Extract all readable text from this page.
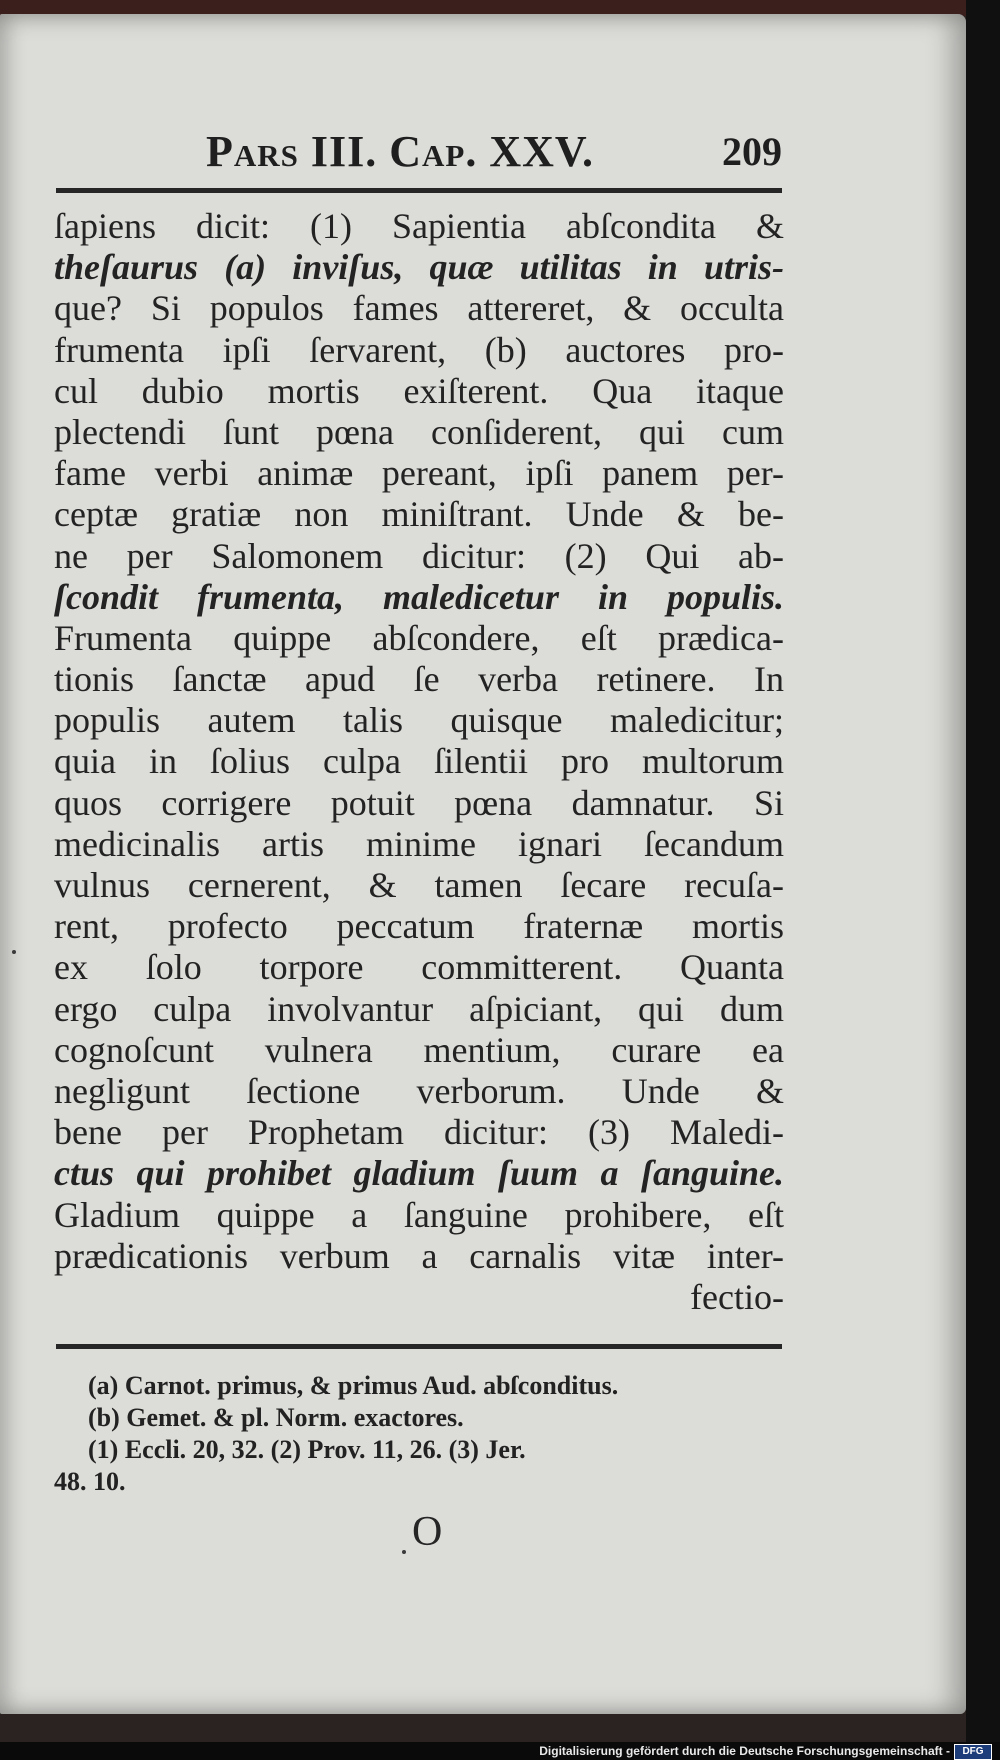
Pars III. Cap. XXV.	209
ſapiens dicit: (1) Sapientia abſcondita &
theſaurus (a) inviſus, quæ utilitas in utris-
que? Si populos fames attereret, & occulta
frumenta ipſi ſervarent, (b) auctores pro-
cul dubio mortis exiſterent. Qua itaque
plectendi ſunt pœna conſiderent, qui cum
fame verbi animæ pereant, ipſi panem per-
ceptæ gratiæ non miniſtrant. Unde & be-
ne per Salomonem dicitur: (2) Qui ab-
ſcondit frumenta, maledicetur in populis.
Frumenta quippe abſcondere, eſt prædica-
tionis ſanctæ apud ſe verba retinere. In
populis autem talis quisque maledicitur;
quia in ſolius culpa ſilentii pro multorum
quos corrigere potuit pœna damnatur. Si
medicinalis artis minime ignari ſecandum
vulnus cernerent, & tamen ſecare recuſa-
rent, profecto peccatum fraternæ mortis
ex ſolo torpore committerent. Quanta
ergo culpa involvantur aſpiciant, qui dum
cognoſcunt vulnera mentium, curare ea
negligunt ſectione verborum. Unde &
bene per Prophetam dicitur: (3) Maledi-
ctus qui prohibet gladium ſuum a ſanguine.
Gladium quippe a ſanguine prohibere, eſt
prædicationis verbum a carnalis vitæ inter-
fectio-
(a) Carnot. primus, & primus Aud. abſconditus.
(b) Gemet. & pl. Norm. exactores.
(1) Eccli. 20, 32. (2) Prov. 11, 26. (3) Jer.
48. 10.
O
Digitalisierung gefördert durch die Deutsche Forschungsgemeinschaft -	DFG
